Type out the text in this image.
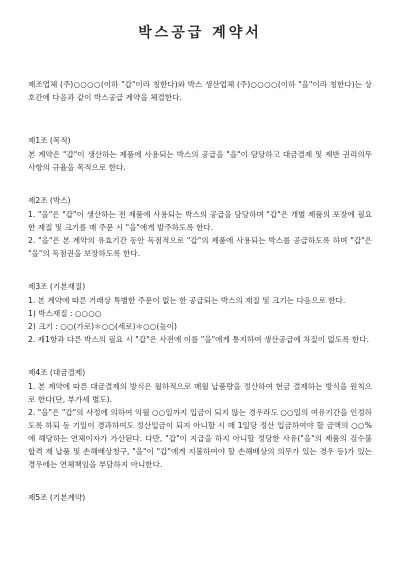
박스공급 계약서

제조업체 (주)○○○○(이하 "갑"이라 칭한다)와 박스 생산업체 (주)○○○○(이하 "을"이라 칭한다)는 상호간에 다음과 같이 박스공급 계약을 체결한다.

제1조 (목적)

본 계약은 "갑"이 생산하는 제품에 사용되는 박스의 공급을 "을"이 담당하고 대금결제 및 제반 권리의무 사항의 규율을 목적으로 한다.

제2조 (박스)

1. "을"은 "갑"이 생산하는 전 제품에 사용되는 박스의 공급을 담당하며 "갑"은 개별 제품의 포장에 필요한 재질 및 크기를 매 주문 시 "을"에게 발주하도록 한다.

2. "을"은 본 계약의 유효기간 동안 독점적으로 "갑"의 제품에 사용되는 박스를 공급하도록 하며 "갑"은 "을"의 독점권을 보장하도록 한다.

제3조 (기본재질)

1. 본 계약에 따른 거래상 특별한 주문이 없는 한 공급되는 박스의 재질 및 크기는 다음으로 한다.

1) 박스재질 : ○○○○

2) 크기 : ○○(가로)＊○○(세로)＊○○(높이)

2. 제1항과 다른 박스의 필요 시 "갑"은 사전에 이를 "을"에게 통지하여 생산공급에 차질이 없도록 한다.

제4조 (대금결제)

1. 본 계약에 따른 대금결제의 방식은 월하적으로 매월 납품량을 정산하여 현금 결제하는 방식을 원칙으로 한다(단, 부가세 별도).

2. "을"은 "갑"의 사정에 의하여 익월 ○○일까지 입금이 되지 않는 경우라도 ○○일의 여유기간을 인정하도록 하되 동 기일이 경과하여도 정산입금이 되지 아니할 시 매 1일당 정산 입금하여야 할 금액의 ○○%에 해당하는 연체이자가 가산된다. 다만, "갑"이 지급을 하지 아니할 정당한 사유("을"의 제품의 검수불합격 재 납품 및 손해배상청구, "을"이 "갑"에게 지불하여야 할 손해배상의 의무가 있는 경우 등)가 있는 경우에는 연체책임을 부담하지 아니한다.

제5조 (기본계약)
